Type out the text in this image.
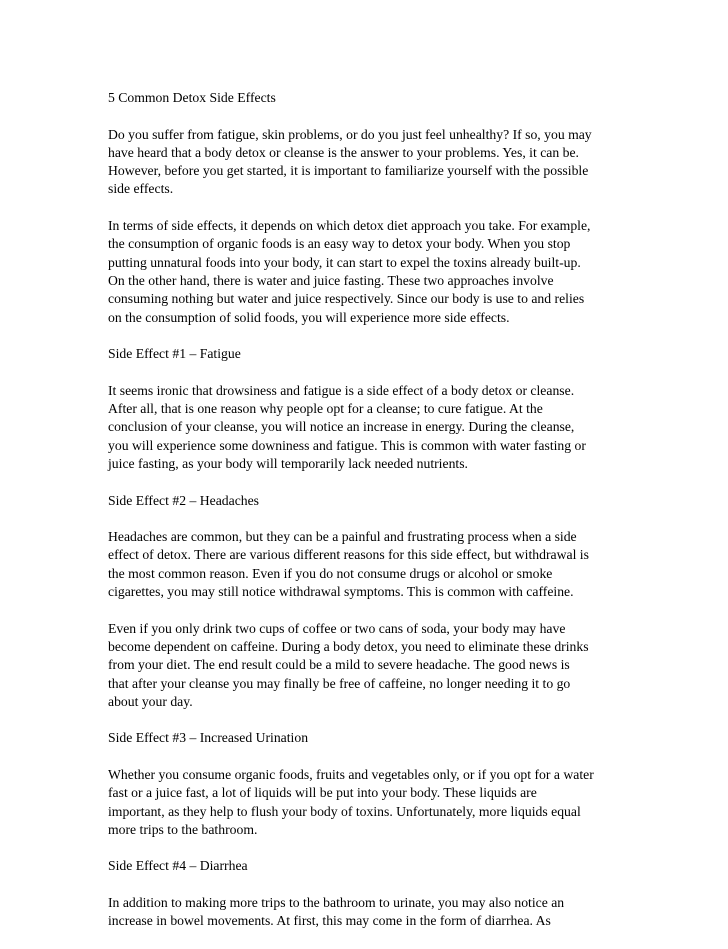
5 Common Detox Side Effects

Do you suffer from fatigue, skin problems, or do you just feel unhealthy? If so, you may
have heard that a body detox or cleanse is the answer to your problems. Yes, it can be.
However, before you get started, it is important to familiarize yourself with the possible
side effects.

In terms of side effects, it depends on which detox diet approach you take. For example,
the consumption of organic foods is an easy way to detox your body. When you stop
putting unnatural foods into your body, it can start to expel the toxins already built-up.
On the other hand, there is water and juice fasting. These two approaches involve
consuming nothing but water and juice respectively. Since our body is use to and relies
on the consumption of solid foods, you will experience more side effects.

Side Effect #1 – Fatigue

It seems ironic that drowsiness and fatigue is a side effect of a body detox or cleanse.
After all, that is one reason why people opt for a cleanse; to cure fatigue. At the
conclusion of your cleanse, you will notice an increase in energy. During the cleanse,
you will experience some downiness and fatigue. This is common with water fasting or
juice fasting, as your body will temporarily lack needed nutrients.

Side Effect #2 – Headaches

Headaches are common, but they can be a painful and frustrating process when a side
effect of detox. There are various different reasons for this side effect, but withdrawal is
the most common reason. Even if you do not consume drugs or alcohol or smoke
cigarettes, you may still notice withdrawal symptoms. This is common with caffeine.

Even if you only drink two cups of coffee or two cans of soda, your body may have
become dependent on caffeine. During a body detox, you need to eliminate these drinks
from your diet. The end result could be a mild to severe headache. The good news is
that after your cleanse you may finally be free of caffeine, no longer needing it to go
about your day.

Side Effect #3 – Increased Urination

Whether you consume organic foods, fruits and vegetables only, or if you opt for a water
fast or a juice fast, a lot of liquids will be put into your body. These liquids are
important, as they help to flush your body of toxins. Unfortunately, more liquids equal
more trips to the bathroom.

Side Effect #4 – Diarrhea

In addition to making more trips to the bathroom to urinate, you may also notice an
increase in bowel movements. At first, this may come in the form of diarrhea. As
